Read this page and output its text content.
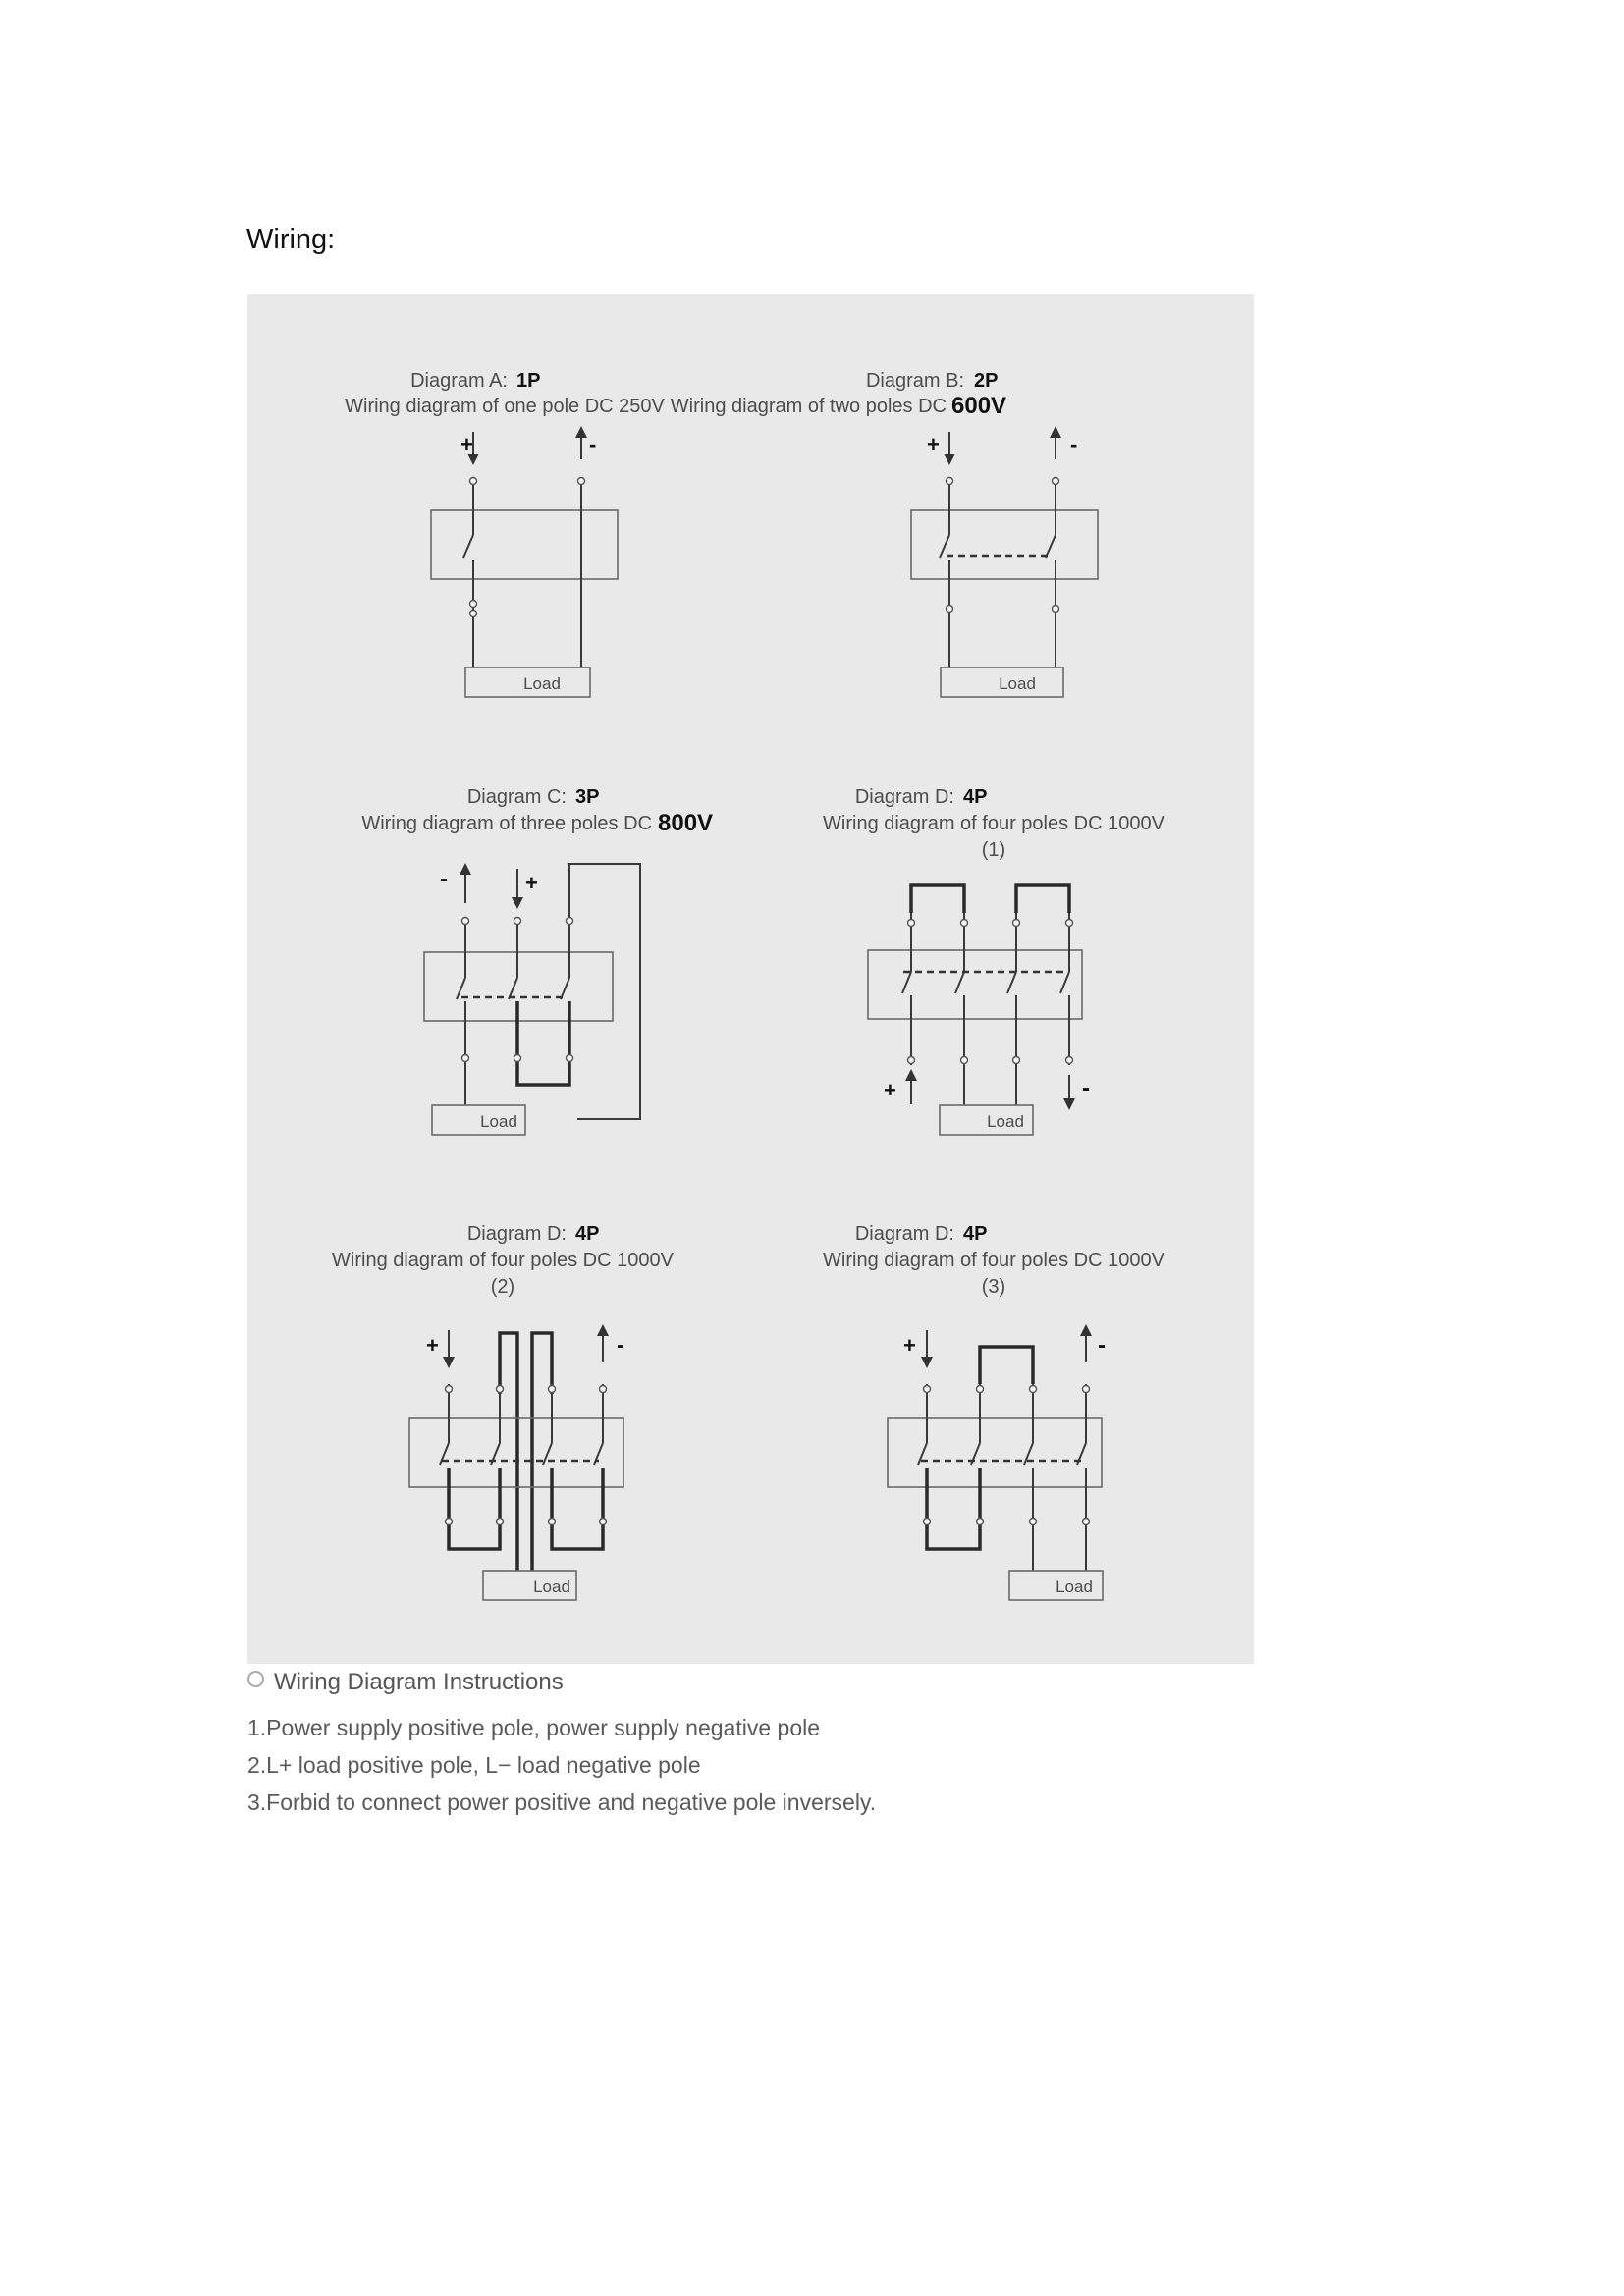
Wiring:
Diagram A: 1P
Wiring diagram of one pole DC 250V
+	-
Load
Diagram B: 2P
Wiring diagram of two poles DC 600V
+	-
Load
Diagram C: 3P
Wiring diagram of three poles DC 800V
-	+
Load
Diagram D: 4P
Wiring diagram of four poles DC 1000V
(1)
+	-
Load
Diagram D: 4P
Wiring diagram of four poles DC 1000V
(2)
+	-
Load
Diagram D: 4P
Wiring diagram of four poles DC 1000V
(3)
+	-
Load
Wiring Diagram Instructions
1.Power supply positive pole, power supply negative pole
2.L+ load positive pole, L− load negative pole
3.Forbid to connect power positive and negative pole inversely.
